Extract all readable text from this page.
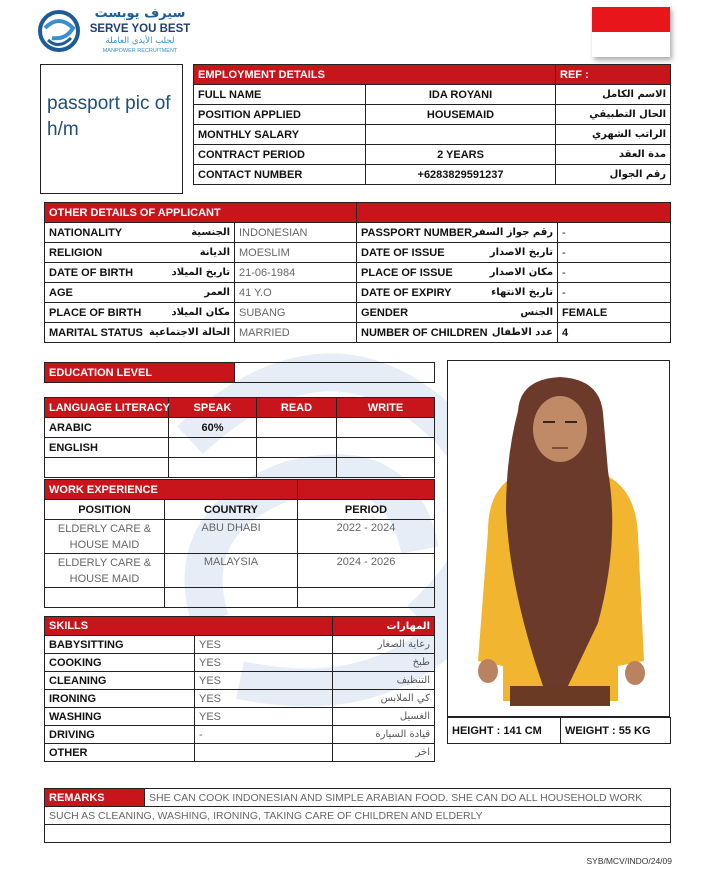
سيرف يوبست
SERVE YOU BEST
لجلب الأيدي العاملة
MANPOWER RECRUITMENT
passport pic of h/m
EMPLOYMENT DETAILS		REF :
FULL NAME	IDA ROYANI	الاسم الكامل
POSITION APPLIED	HOUSEMAID	الحال التطبيقي
MONTHLY SALARY		الراتب الشهري
CONTRACT PERIOD	2 YEARS	مدة العقد
CONTACT NUMBER	+6283829591237	رقم الجوال
OTHER DETAILS OF APPLICANT					
NATIONALITY	الجنسية	INDONESIAN	PASSPORT NUMBER	رقم جواز السفر	-
RELIGION	الديانة	MOESLIM	DATE OF ISSUE	تاريخ الاصدار	-
DATE OF BIRTH	تاريخ الميلاد	21-06-1984	PLACE OF ISSUE	مكان الاصدار	-
AGE	العمر	41 Y.O	DATE OF EXPIRY	تاريخ الانتهاء	-
PLACE OF BIRTH	مكان الميلاد	SUBANG	GENDER	الجنس	FEMALE
MARITAL STATUS	الحالة الاجتماعية	MARRIED	NUMBER OF CHILDREN	عدد الاطفال	4
EDUCATION LEVEL	
LANGUAGE LITERACY	SPEAK	READ	WRITE
ARABIC	60%		
ENGLISH			

WORK EXPERIENCE		
POSITION	COUNTRY	PERIOD
ELDERLY CARE & HOUSE MAID	ABU DHABI	2022 - 2024
ELDERLY CARE & HOUSE MAID	MALAYSIA	2024 - 2026

SKILLS		المهارات
BABYSITTING	YES	رعاية الصغار
COOKING	YES	طبخ
CLEANING	YES	التنظيف
IRONING	YES	كي الملابس
WASHING	YES	الغسيل
DRIVING	-	قيادة السيارة
OTHER		اخر
HEIGHT : 141 CM	WEIGHT : 55 KG
REMARKS	SHE CAN COOK INDONESIAN AND SIMPLE ARABIAN FOOD. SHE CAN DO ALL HOUSEHOLD WORK
SUCH AS CLEANING, WASHING, IRONING, TAKING CARE OF CHILDREN AND ELDERLY

SYB/MCV/INDO/24/09
